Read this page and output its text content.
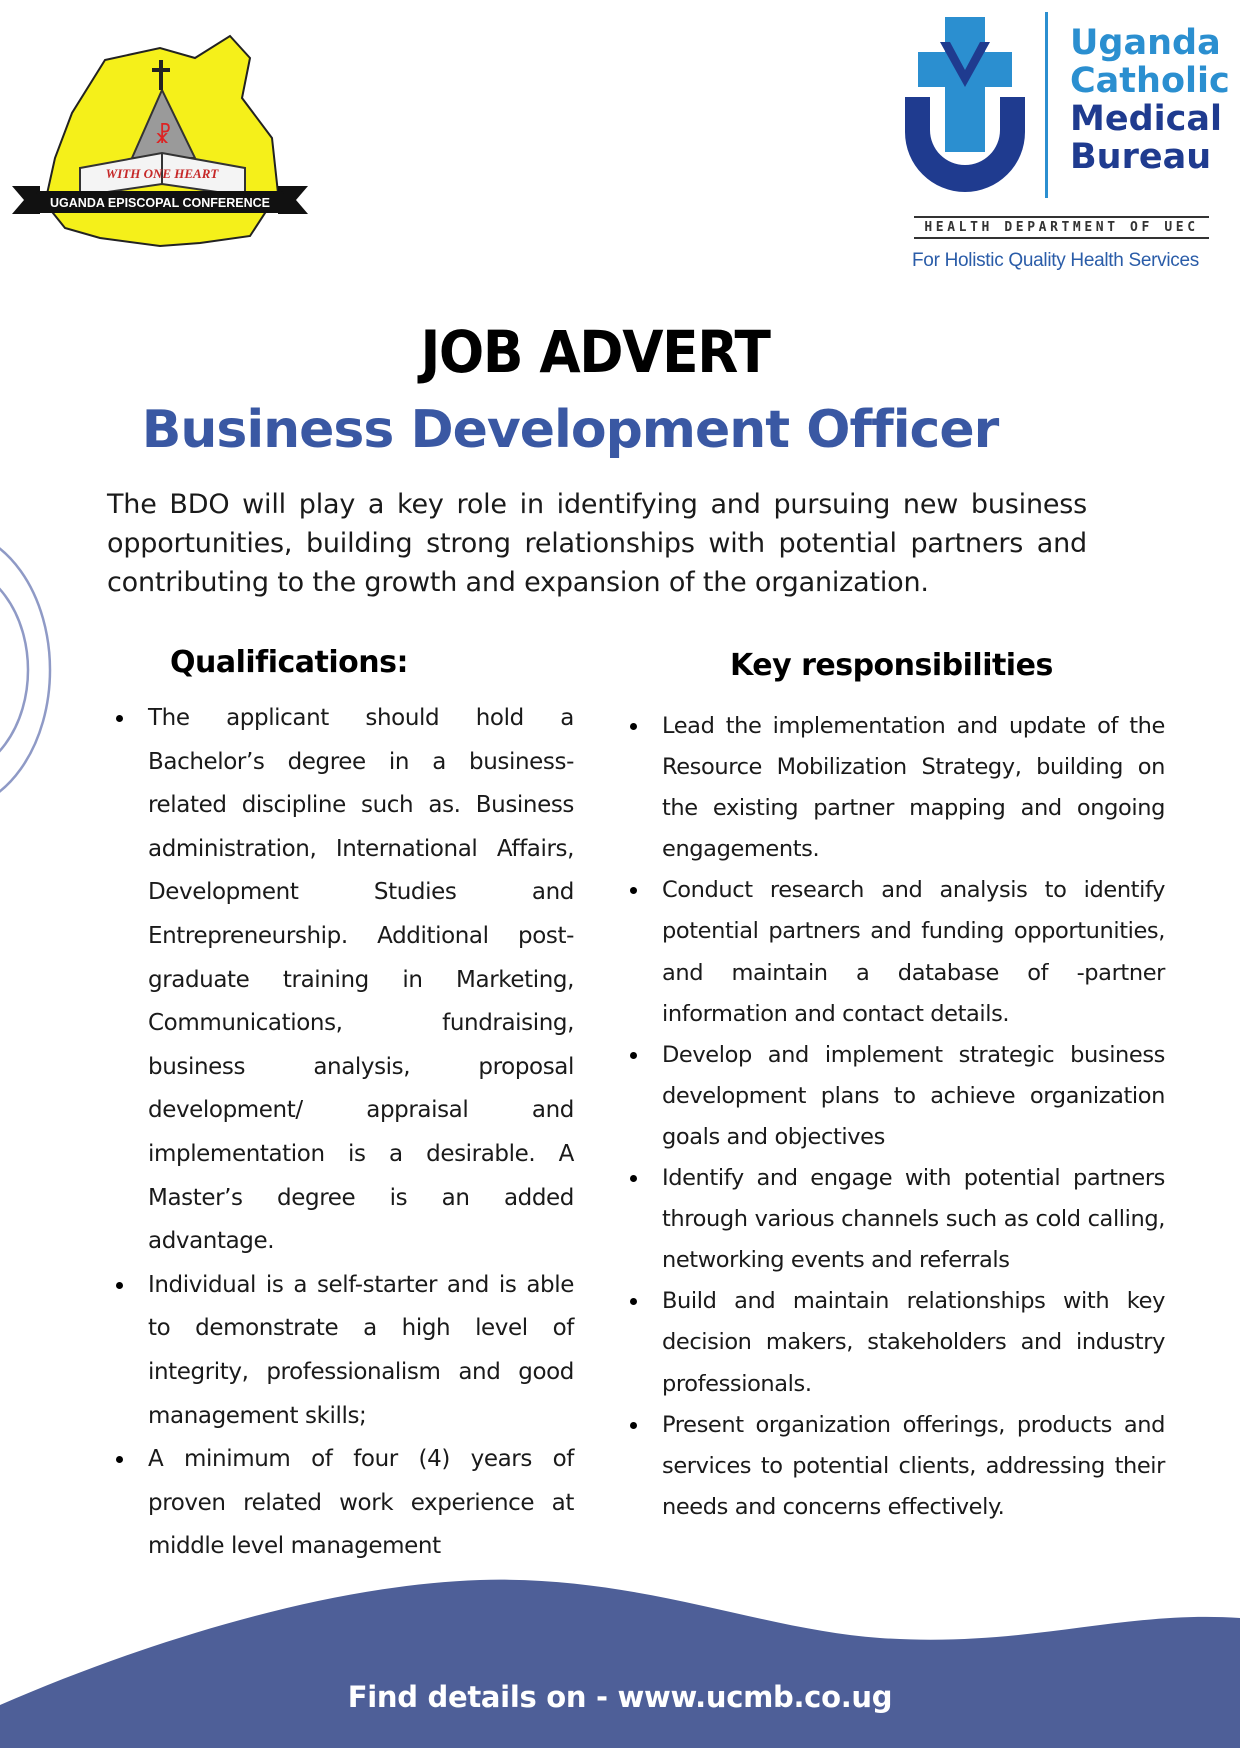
☧
WITH ONE HEART
UGANDA EPISCOPAL CONFERENCE
Uganda
Catholic
Medical
Bureau
HEALTH DEPARTMENT OF UEC
For Holistic Quality Health Services
JOB ADVERT
Business Development Officer
The BDO will play a key role in identifying and pursuing new business opportunities, building strong relationships with potential partners and contributing to the growth and expansion of the organization.
Qualifications:
The applicant should hold a Bachelor’s degree in a business-related discipline such as. Business administration, International Affairs, Development Studies and Entrepreneurship. Additional post-graduate training in Marketing, Communications, fundraising, business analysis, proposal development/ appraisal and implementation is a desirable. A Master’s degree is an added advantage.
Individual is a self-starter and is able to demonstrate a high level of integrity, professionalism and good management skills;
A minimum of four (4) years of proven related work experience at middle level management
Key responsibilities
Lead the implementation and update of the Resource Mobilization Strategy, building on the existing partner mapping and ongoing engagements.
Conduct research and analysis to identify potential partners and funding opportunities, and maintain a database of -partner information and contact details.
Develop and implement strategic business development plans to achieve organization goals and objectives
Identify and engage with potential partners through various channels such as cold calling, networking events and referrals
Build and maintain relationships with key decision makers, stakeholders and industry professionals.
Present organization offerings, products and services to potential clients, addressing their needs and concerns effectively.
Find details on - www.ucmb.co.ug
